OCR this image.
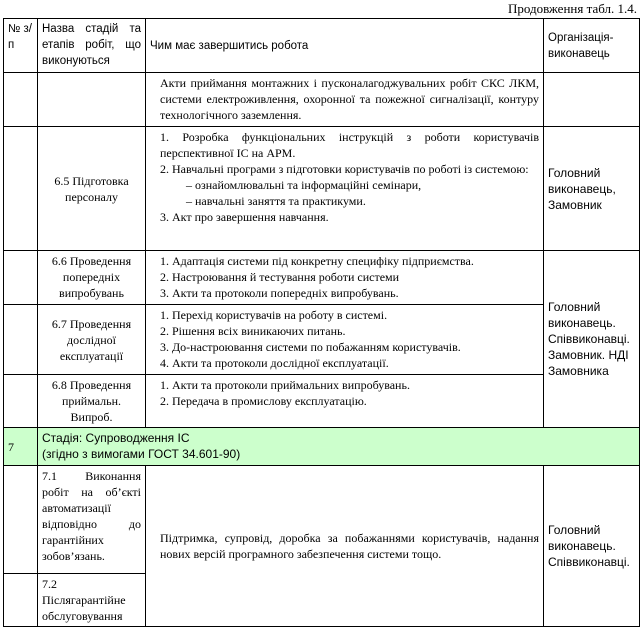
Продовження табл. 1.4.
№ з/п	Назва стадій та етапів робіт, що виконуються	Чим має завершитись робота	Організація-виконавець
		Акти приймання монтажних і пусконалагоджувальних робіт СКС ЛКМ, системи електроживлення, охоронної та пожежної сигналізації, контуру технологічного заземлення.	
	6.5 Підготовка персоналу	1. Розробка функціональних інструкцій з роботи користувачів перспективної ІС на АРМ.
2. Навчальні програми з підготовки користувачів по роботі із системою:
– ознайомлювальні та інформаційні семінари,
– навчальні заняття та практикуми.
3. Акт про завершення навчання.	Головний виконавець, Замовник
	6.6 Проведення попередніх випробувань	1. Адаптація системи під конкретну специфіку підприємства.
2. Настроювання й тестування роботи системи
3. Акти та протоколи попередніх випробувань.	Головний виконавець. Співвиконавці. Замовник. НДІ Замовника
	6.7 Проведення дослідної експлуатації	1. Перехід користувачів на роботу в системі.
2. Рішення всіх виникаючих питань.
3. До-настроювання системи по побажанням користувачів.
4. Акти та протоколи дослідної експлуатації.	

	6.8 Проведення приймальн. Випроб.	1. Акти та протоколи приймальних випробувань.
2. Передача в промислову експлуатацію.	

7	Стадія: Супроводження ІС
(згідно з вимогами ГОСТ 34.601-90)		

	7.1 Виконання робіт на об’єкті автоматизації відповідно до гарантійних зобов’язань.	Підтримка, супровід, доробка за побажаннями користувачів, надання нових версій програмного забезпечення системи тощо.	Головний виконавець. Співвиконавці.
	7.2 Післягарантійне обслуговування		
